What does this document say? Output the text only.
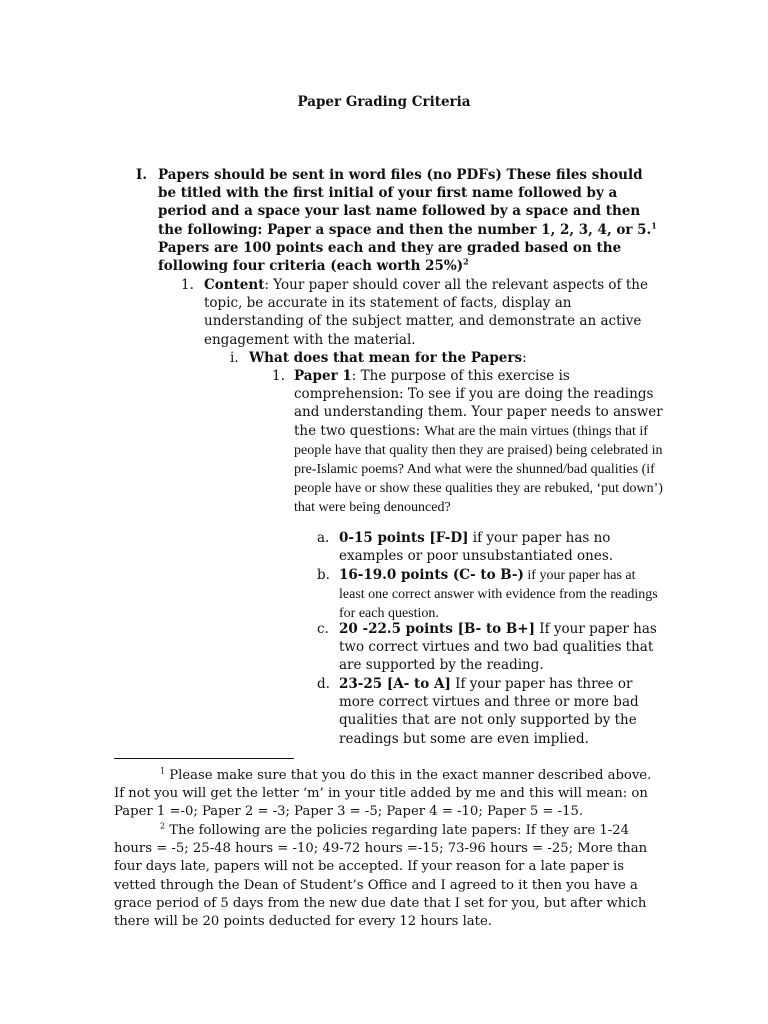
Paper Grading Criteria
I. Papers should be sent in word files (no PDFs) These files should be titled with the first initial of your first name followed by a period and a space your last name followed by a space and then the following: Paper a space and then the number 1, 2, 3, 4, or 5.$^1$ Papers are 100 points each and they are graded based on the following four criteria (each worth 25%)$^2$
1. Content: Your paper should cover all the relevant aspects of the topic, be accurate in its statement of facts, display an understanding of the subject matter, and demonstrate an active engagement with the material.
i. What does that mean for the Papers:
1. Paper 1: The purpose of this exercise is comprehension: To see if you are doing the readings and understanding them. Your paper needs to answer the two questions: What are the main virtues (things that if people have that quality then they are praised) being celebrated in pre-Islamic poems? And what were the shunned/bad qualities (if people have or show these qualities they are rebuked, ‘put down’) that were being denounced?
a. 0-15 points [F-D] if your paper has no examples or poor unsubstantiated ones.
b. 16-19.0 points (C- to B-) if your paper has at least one correct answer with evidence from the readings for each question.
c. 20 -22.5 points [B- to B+] If your paper has two correct virtues and two bad qualities that are supported by the reading.
d. 23-25 [A- to A] If your paper has three or more correct virtues and three or more bad qualities that are not only supported by the readings but some are even implied.
$^1$ Please make sure that you do this in the exact manner described above. If not you will get the letter ‘m’ in your title added by me and this will mean: on Paper 1 =-0; Paper 2 = -3; Paper 3 = -5; Paper 4 = -10; Paper 5 = -15.
$^2$ The following are the policies regarding late papers: If they are 1-24 hours = -5; 25-48 hours = -10; 49-72 hours =-15; 73-96 hours = -25; More than four days late, papers will not be accepted. If your reason for a late paper is vetted through the Dean of Student’s Office and I agreed to it then you have a grace period of 5 days from the new due date that I set for you, but after which there will be 20 points deducted for every 12 hours late.
